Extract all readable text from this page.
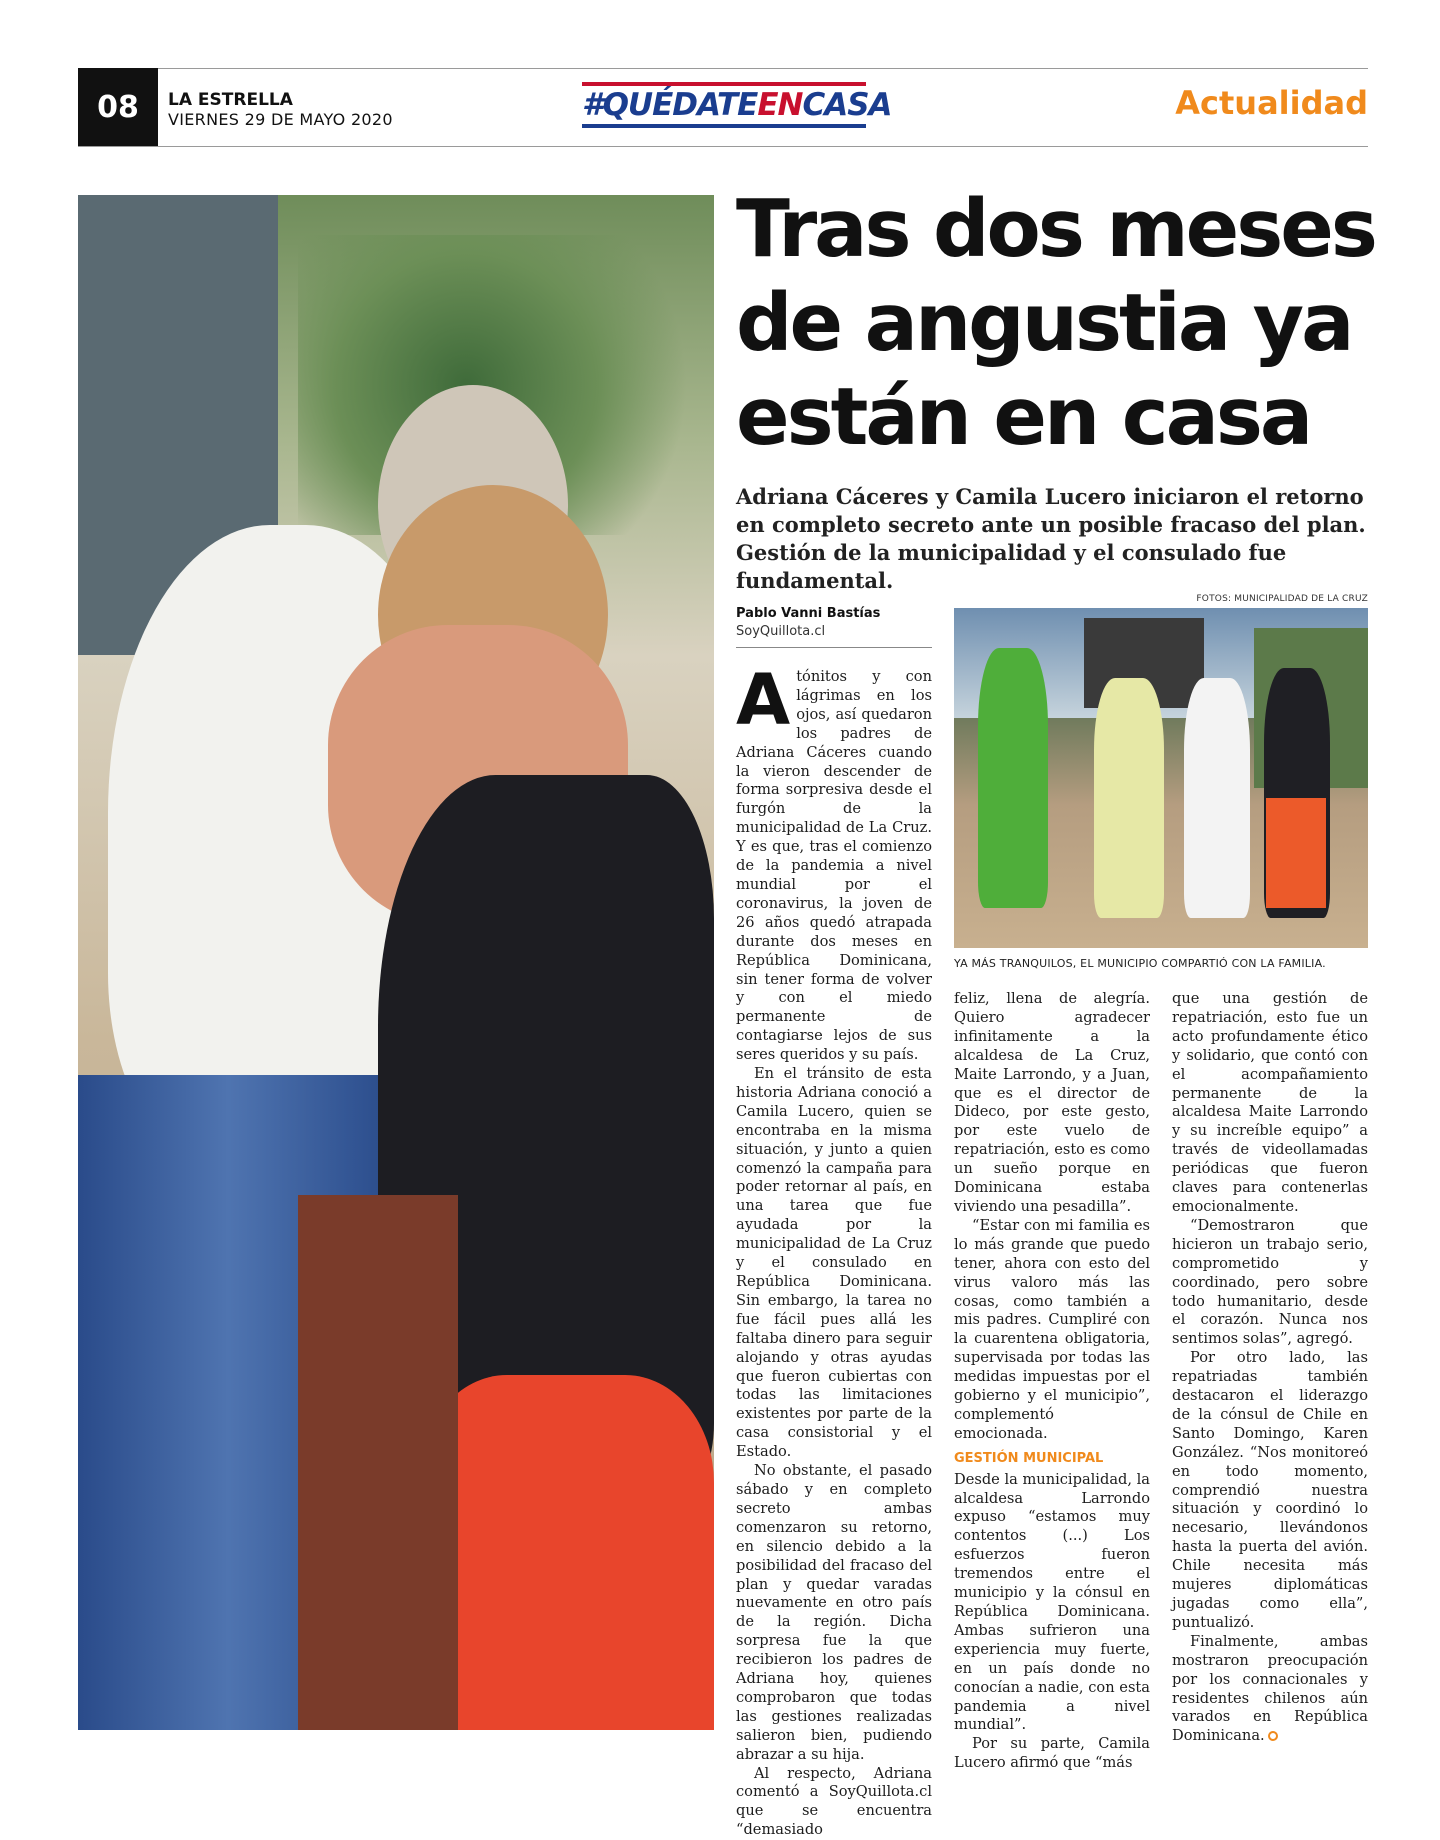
08	LA ESTRELLA
VIERNES 29 DE MAYO 2020	#QUÉDATEENCASA	Actualidad
Tras dos meses de angustia ya están en casa

Adriana Cáceres y Camila Lucero iniciaron el retorno en completo secreto ante un posible fracaso del plan. Gestión de la municipalidad y el consulado fue fundamental.

Pablo Vanni Bastías
SoyQuillota.cl
FOTOS: MUNICIPALIDAD DE LA CRUZ
YA MÁS TRANQUILOS, EL MUNICIPIO COMPARTIÓ CON LA FAMILIA.

Atónitos y con lágrimas en los ojos, así quedaron los padres de Adriana Cáceres cuando la vieron descender de forma sorpresiva desde el furgón de la municipalidad de La Cruz. Y es que, tras el comienzo de la pandemia a nivel mundial por el coronavirus, la joven de 26 años quedó atrapada durante dos meses en República Dominicana, sin tener forma de volver y con el miedo permanente de contagiarse lejos de sus seres queridos y su país.

En el tránsito de esta historia Adriana conoció a Camila Lucero, quien se encontraba en la misma situación, y junto a quien comenzó la campaña para poder retornar al país, en una tarea que fue ayudada por la municipalidad de La Cruz y el consulado en República Dominicana. Sin embargo, la tarea no fue fácil pues allá les faltaba dinero para seguir alojando y otras ayudas que fueron cubiertas con todas las limitaciones existentes por parte de la casa consistorial y el Estado.

No obstante, el pasado sábado y en completo secreto ambas comenzaron su retorno, en silencio debido a la posibilidad del fracaso del plan y quedar varadas nuevamente en otro país de la región. Dicha sorpresa fue la que recibieron los padres de Adriana hoy, quienes comprobaron que todas las gestiones realizadas salieron bien, pudiendo abrazar a su hija.

Al respecto, Adriana comentó a SoyQuillota.cl que se encuentra “demasiado

feliz, llena de alegría. Quiero agradecer infinitamente a la alcaldesa de La Cruz, Maite Larrondo, y a Juan, que es el director de Dideco, por este gesto, por este vuelo de repatriación, esto es como un sueño porque en Dominicana estaba viviendo una pesadilla”.

“Estar con mi familia es lo más grande que puedo tener, ahora con esto del virus valoro más las cosas, como también a mis padres. Cumpliré con la cuarentena obligatoria, supervisada por todas las medidas impuestas por el gobierno y el municipio”, complementó emocionada.

GESTIÓN MUNICIPAL

Desde la municipalidad, la alcaldesa Larrondo expuso “estamos muy contentos (...) Los esfuerzos fueron tremendos entre el municipio y la cónsul en República Dominicana. Ambas sufrieron una experiencia muy fuerte, en un país donde no conocían a nadie, con esta pandemia a nivel mundial”.

Por su parte, Camila Lucero afirmó que “más

que una gestión de repatriación, esto fue un acto profundamente ético y solidario, que contó con el acompañamiento permanente de la alcaldesa Maite Larrondo y su increíble equipo” a través de videollamadas periódicas que fueron claves para contenerlas emocionalmente.

“Demostraron que hicieron un trabajo serio, comprometido y coordinado, pero sobre todo humanitario, desde el corazón. Nunca nos sentimos solas”, agregó.

Por otro lado, las repatriadas también destacaron el liderazgo de la cónsul de Chile en Santo Domingo, Karen González. “Nos monitoreó en todo momento, comprendió nuestra situación y coordinó lo necesario, llevándonos hasta la puerta del avión. Chile necesita más mujeres diplomáticas jugadas como ella”, puntualizó.

Finalmente, ambas mostraron preocupación por los connacionales y residentes chilenos aún varados en República Dominicana.
